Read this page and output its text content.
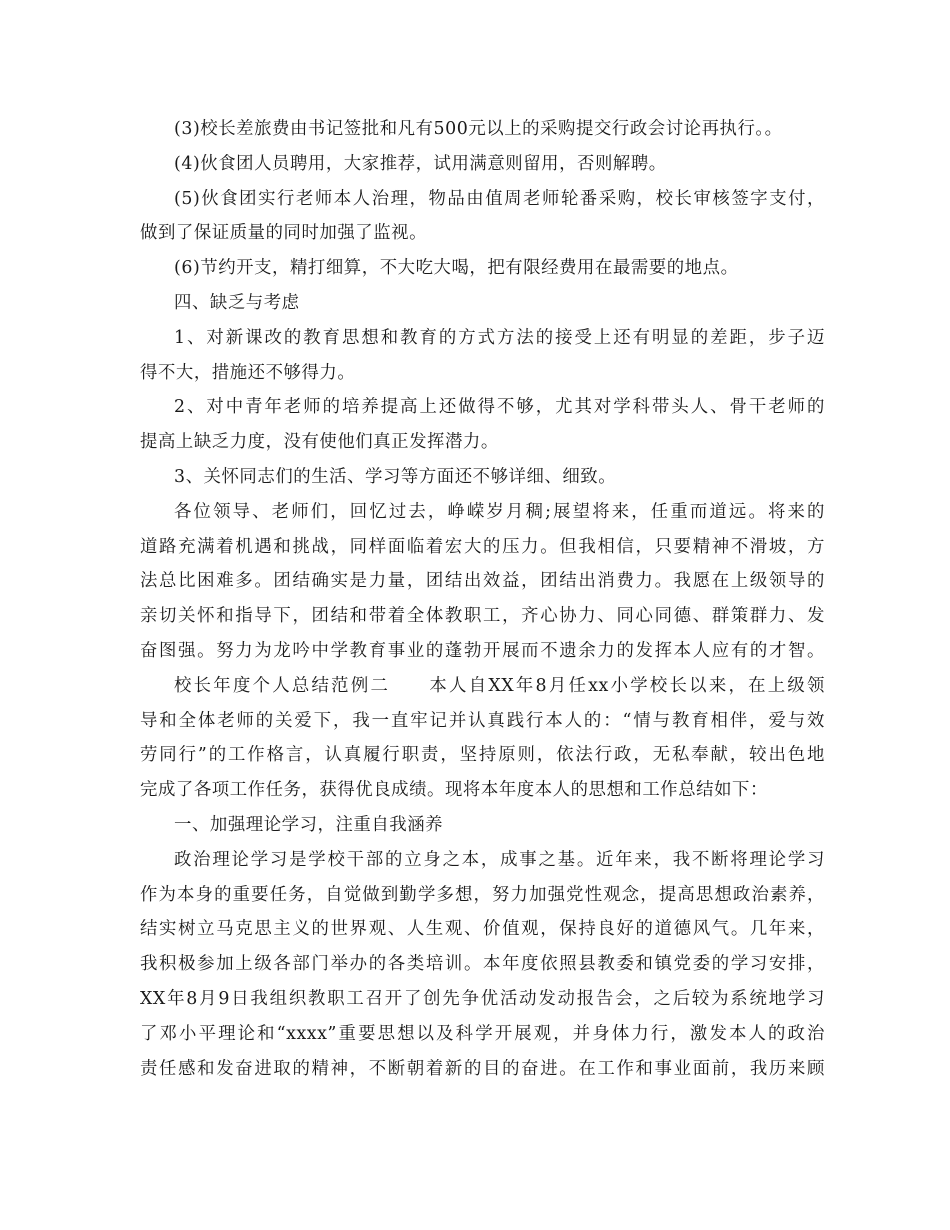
(3)校长差旅费由书记签批和凡有500元以上的采购提交行政会讨论再执行。。
(4)伙食团人员聘用，大家推荐，试用满意则留用，否则解聘。
(5)伙食团实行老师本人治理，物品由值周老师轮番采购，校长审核签字支付，
做到了保证质量的同时加强了监视。
(6)节约开支，精打细算，不大吃大喝，把有限经费用在最需要的地点。
四、缺乏与考虑
1、对新课改的教育思想和教育的方式方法的接受上还有明显的差距，步子迈
得不大，措施还不够得力。
2、对中青年老师的培养提高上还做得不够，尤其对学科带头人、骨干老师的
提高上缺乏力度，没有使他们真正发挥潜力。
3、关怀同志们的生活、学习等方面还不够详细、细致。
各位领导、老师们，回忆过去，峥嵘岁月稠;展望将来，任重而道远。将来的
道路充满着机遇和挑战，同样面临着宏大的压力。但我相信，只要精神不滑坡，方
法总比困难多。团结确实是力量，团结出效益，团结出消费力。我愿在上级领导的
亲切关怀和指导下，团结和带着全体教职工，齐心协力、同心同德、群策群力、发
奋图强。努力为龙吟中学教育事业的蓬勃开展而不遗余力的发挥本人应有的才智。
校长年度个人总结范例二　　本人自XX年8月任xx小学校长以来，在上级领
导和全体老师的关爱下，我一直牢记并认真践行本人的：“情与教育相伴，爱与效
劳同行”的工作格言，认真履行职责，坚持原则，依法行政，无私奉献，较出色地
完成了各项工作任务，获得优良成绩。现将本年度本人的思想和工作总结如下：
一、加强理论学习，注重自我涵养
政治理论学习是学校干部的立身之本，成事之基。近年来，我不断将理论学习
作为本身的重要任务，自觉做到勤学多想，努力加强党性观念，提高思想政治素养，
结实树立马克思主义的世界观、人生观、价值观，保持良好的道德风气。几年来，
我积极参加上级各部门举办的各类培训。本年度依照县教委和镇党委的学习安排，
XX年8月9日我组织教职工召开了创先争优活动发动报告会，之后较为系统地学习
了邓小平理论和“xxxx”重要思想以及科学开展观，并身体力行，激发本人的政治
责任感和发奋进取的精神，不断朝着新的目的奋进。在工作和事业面前，我历来顾
